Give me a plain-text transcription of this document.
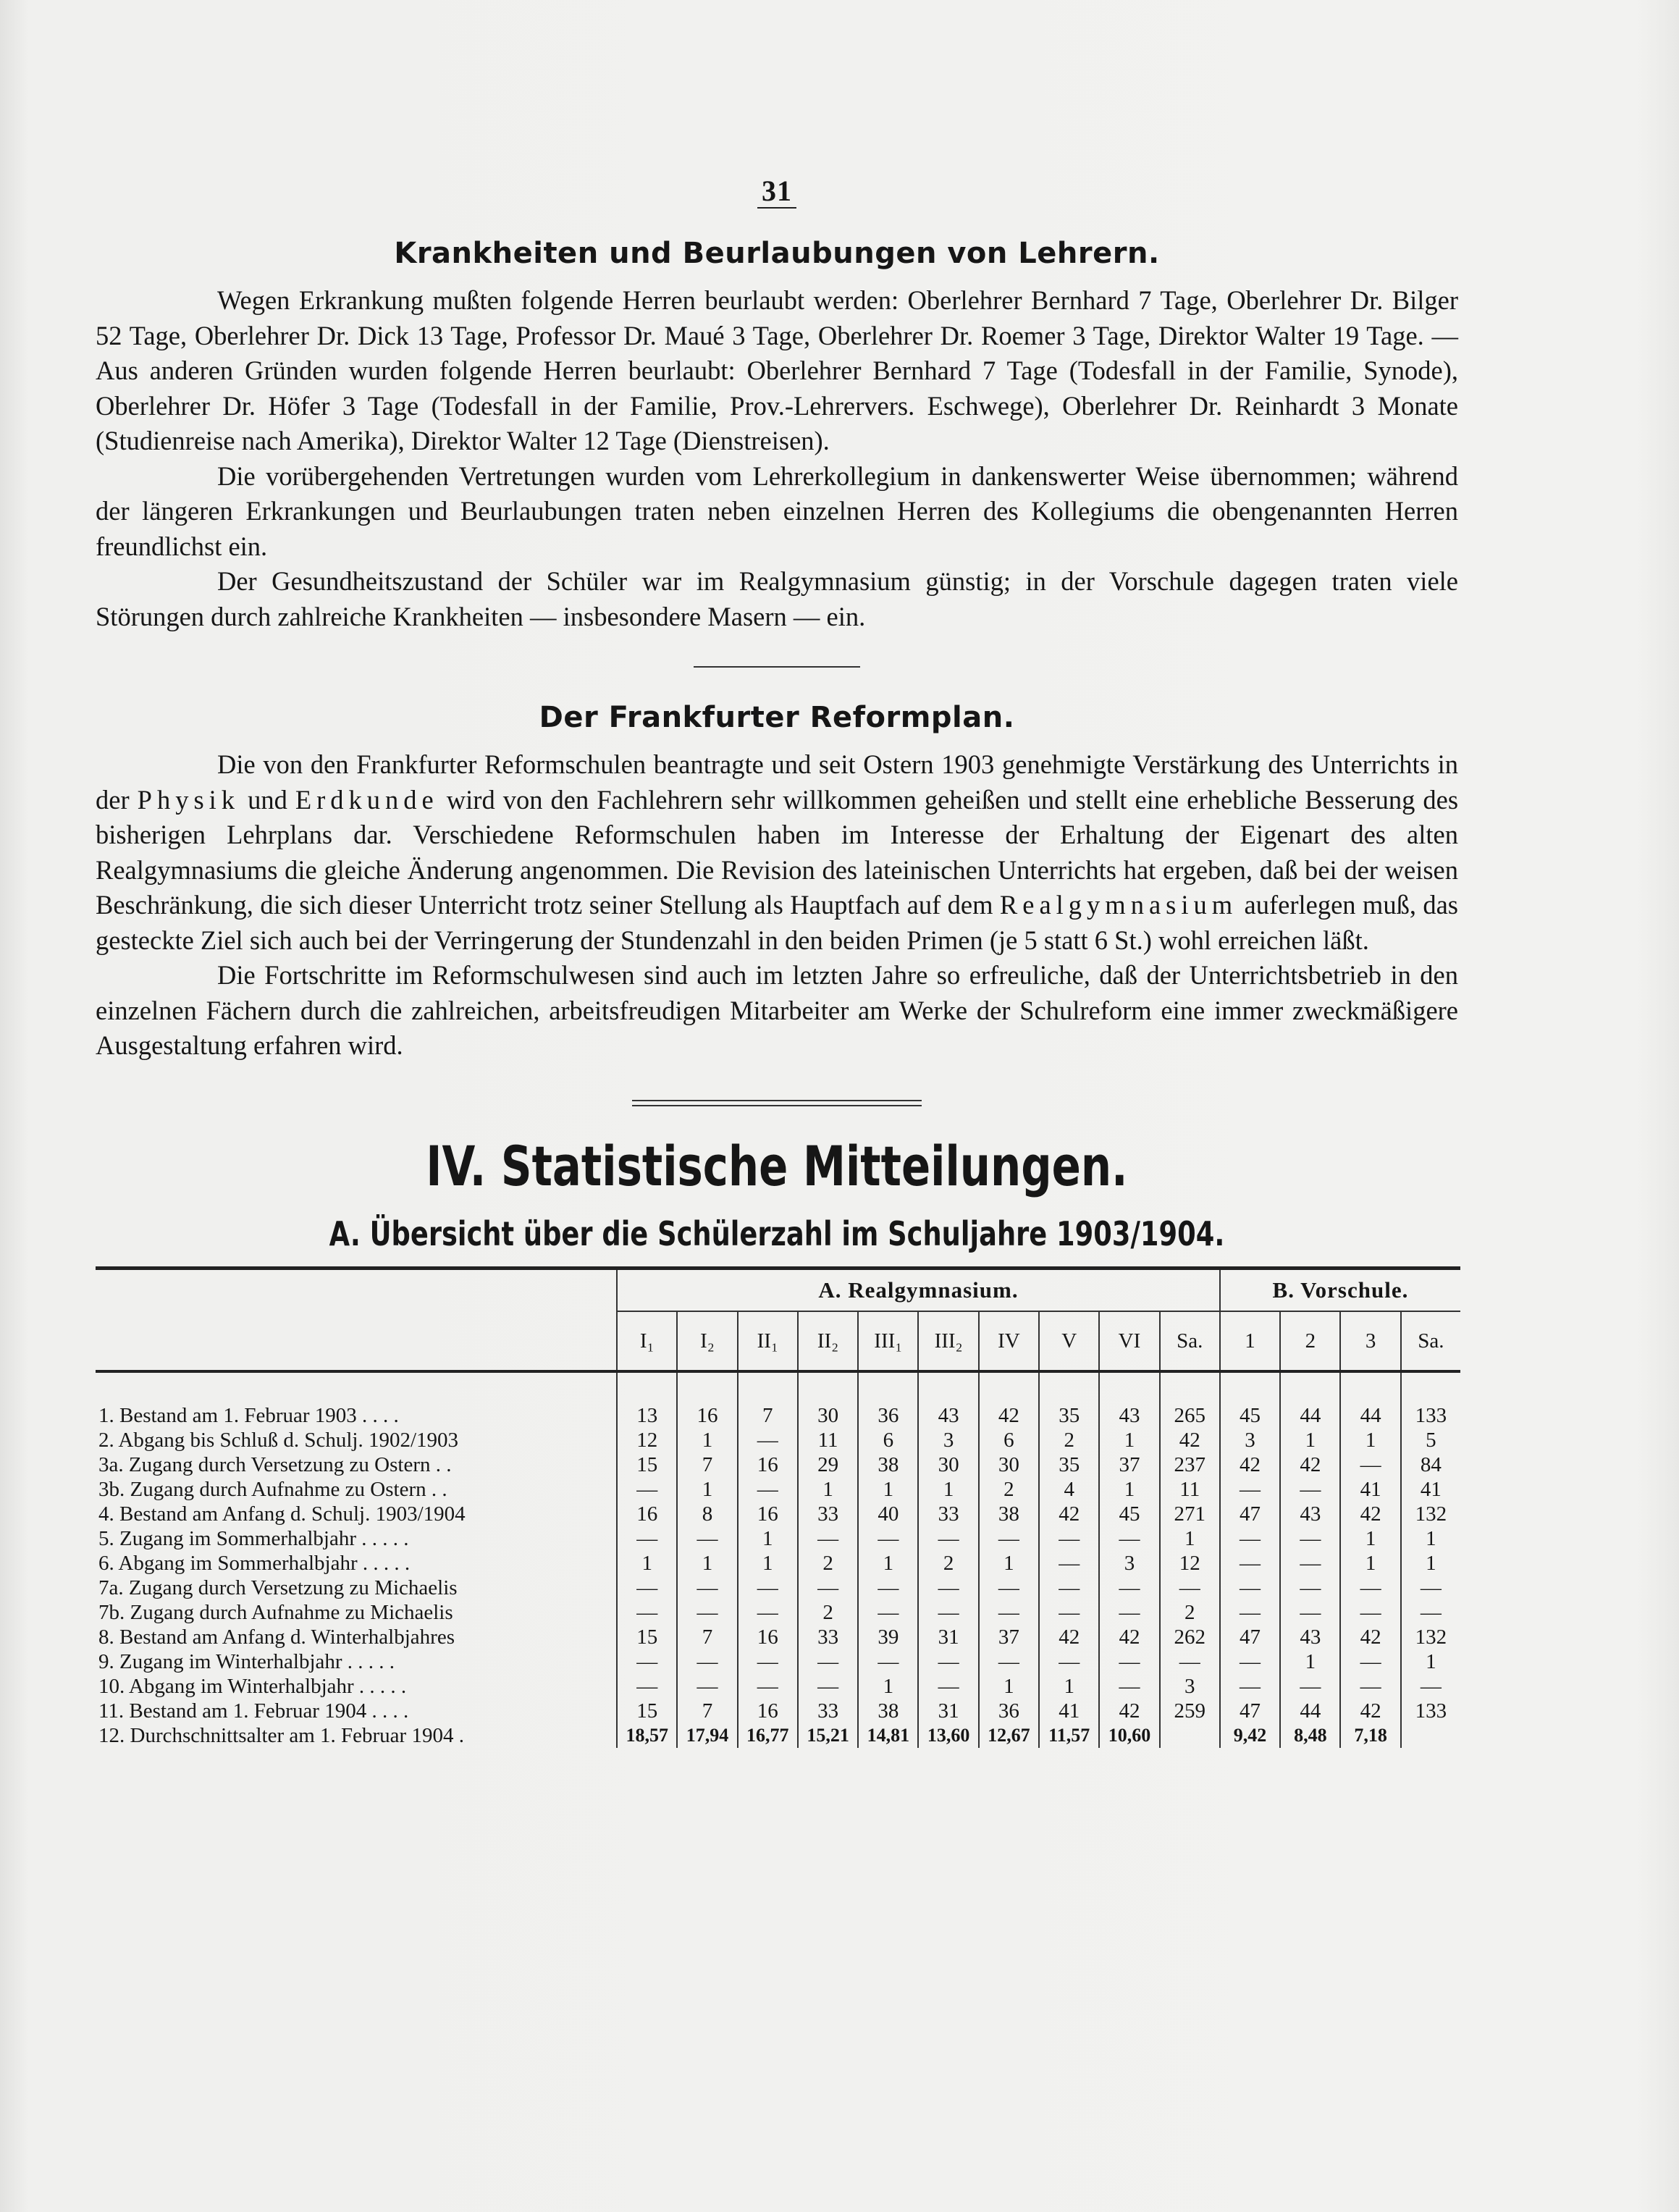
31
Krankheiten und Beurlaubungen von Lehrern.

Wegen Erkrankung mußten folgende Herren beurlaubt werden: Oberlehrer Bernhard 7 Tage, Oberlehrer Dr. Bilger 52 Tage, Oberlehrer Dr. Dick 13 Tage, Professor Dr. Maué 3 Tage, Oberlehrer Dr. Roemer 3 Tage, Direktor Walter 19 Tage. — Aus anderen Gründen wurden folgende Herren beurlaubt: Oberlehrer Bernhard 7 Tage (Todesfall in der Familie, Synode), Oberlehrer Dr. Höfer 3 Tage (Todesfall in der Familie, Prov.-Lehrervers. Eschwege), Oberlehrer Dr. Reinhardt 3 Monate (Studienreise nach Amerika), Direktor Walter 12 Tage (Dienstreisen).

Die vorübergehenden Vertretungen wurden vom Lehrerkollegium in dankenswerter Weise übernommen; während der längeren Erkrankungen und Beurlaubungen traten neben einzelnen Herren des Kollegiums die obengenannten Herren freundlichst ein.

Der Gesundheitszustand der Schüler war im Realgymnasium günstig; in der Vorschule dagegen traten viele Störungen durch zahlreiche Krankheiten — insbesondere Masern — ein.

Der Frankfurter Reformplan.

Die von den Frankfurter Reformschulen beantragte und seit Ostern 1903 genehmigte Verstärkung des Unterrichts in der Physik und Erdkunde wird von den Fachlehrern sehr willkommen geheißen und stellt eine erhebliche Besserung des bisherigen Lehrplans dar. Verschiedene Reformschulen haben im Interesse der Erhaltung der Eigenart des alten Realgymnasiums die gleiche Änderung angenommen. Die Revision des lateinischen Unterrichts hat ergeben, daß bei der weisen Beschränkung, die sich dieser Unterricht trotz seiner Stellung als Hauptfach auf dem Realgymnasium auferlegen muß, das gesteckte Ziel sich auch bei der Verringerung der Stundenzahl in den beiden Primen (je 5 statt 6 St.) wohl erreichen läßt.

Die Fortschritte im Reformschulwesen sind auch im letzten Jahre so erfreuliche, daß der Unterrichtsbetrieb in den einzelnen Fächern durch die zahlreichen, arbeitsfreudigen Mitarbeiter am Werke der Schulreform eine immer zweckmäßigere Ausgestaltung erfahren wird.

IV. Statistische Mitteilungen.
A. Übersicht über die Schülerzahl im Schuljahre 1903/1904.
	A. Realgymnasium.										B. Vorschule.			
	I₁	I₂	II₁	II₂	III₁	III₂	IV	V	VI	Sa.	1	2	3	Sa.
1. Bestand am 1. Februar 1903 . . . .	13	16	7	30	36	43	42	35	43	265	45	44	44	133
2. Abgang bis Schluß d. Schulj. 1902/1903	12	1	—	11	6	3	6	2	1	42	3	1	1	5
3a. Zugang durch Versetzung zu Ostern . .	15	7	16	29	38	30	30	35	37	237	42	42	—	84
3b. Zugang durch Aufnahme zu Ostern . .	—	1	—	1	1	1	2	4	1	11	—	—	41	41
4. Bestand am Anfang d. Schulj. 1903/1904	16	8	16	33	40	33	38	42	45	271	47	43	42	132
5. Zugang im Sommerhalbjahr . . . . .	—	—	1	—	—	—	—	—	—	1	—	—	1	1
6. Abgang im Sommerhalbjahr . . . . .	1	1	1	2	1	2	1	—	3	12	—	—	1	1
7a. Zugang durch Versetzung zu Michaelis	—	—	—	—	—	—	—	—	—	—	—	—	—	—
7b. Zugang durch Aufnahme zu Michaelis	—	—	—	2	—	—	—	—	—	2	—	—	—	—
8. Bestand am Anfang d. Winterhalbjahres	15	7	16	33	39	31	37	42	42	262	47	43	42	132
9. Zugang im Winterhalbjahr . . . . .	—	—	—	—	—	—	—	—	—	—	—	1	—	1
10. Abgang im Winterhalbjahr . . . . .	—	—	—	—	1	—	1	1	—	3	—	—	—	—
11. Bestand am 1. Februar 1904 . . . .	15	7	16	33	38	31	36	41	42	259	47	44	42	133
12. Durchschnittsalter am 1. Februar 1904 .	18,57	17,94	16,77	15,21	14,81	13,60	12,67	11,57	10,60		9,42	8,48	7,18	
